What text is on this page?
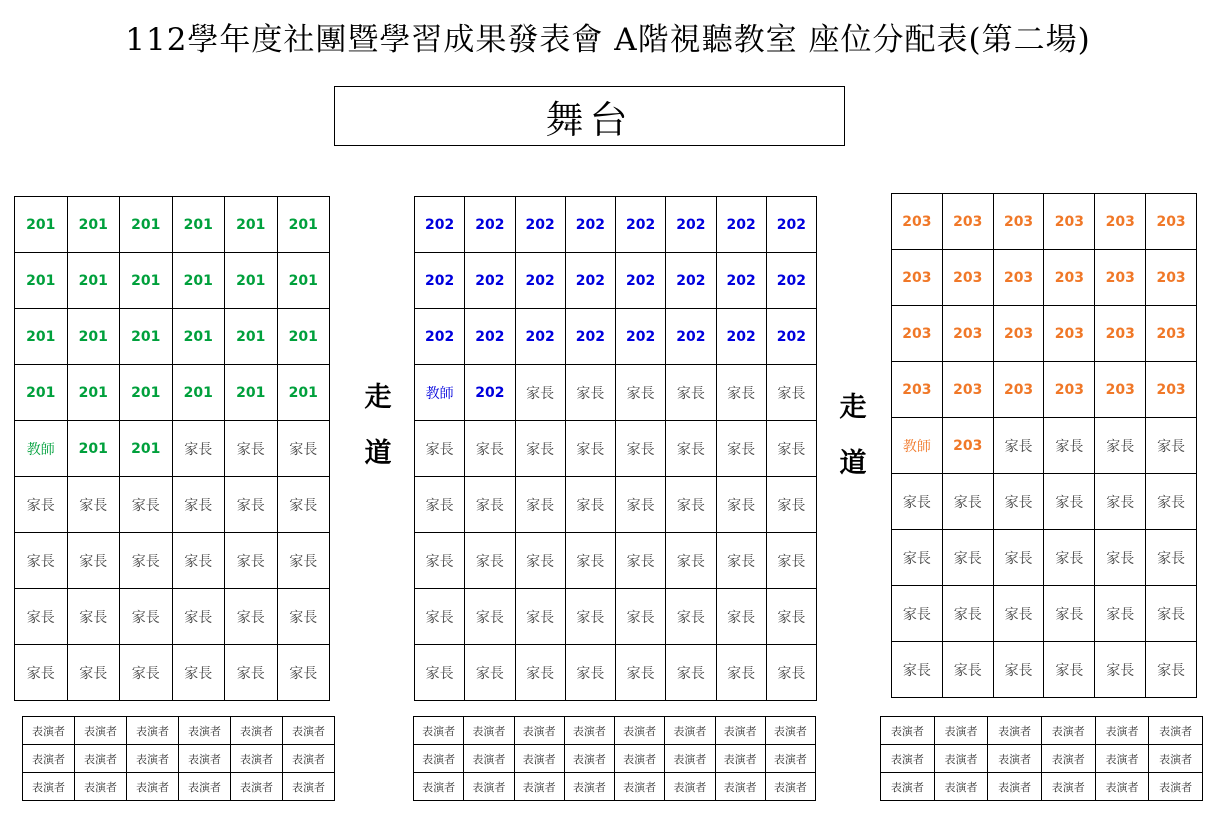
112學年度社團暨學習成果發表會 A階視聽教室 座位分配表(第二場)
舞台
走
道
走
道
201	201	201	201	201	201
201	201	201	201	201	201
201	201	201	201	201	201
201	201	201	201	201	201
教師	201	201	家長	家長	家長
家長	家長	家長	家長	家長	家長
家長	家長	家長	家長	家長	家長
家長	家長	家長	家長	家長	家長
家長	家長	家長	家長	家長	家長
202	202	202	202	202	202	202	202
202	202	202	202	202	202	202	202
202	202	202	202	202	202	202	202
教師	202	家長	家長	家長	家長	家長	家長
家長	家長	家長	家長	家長	家長	家長	家長
家長	家長	家長	家長	家長	家長	家長	家長
家長	家長	家長	家長	家長	家長	家長	家長
家長	家長	家長	家長	家長	家長	家長	家長
家長	家長	家長	家長	家長	家長	家長	家長
203	203	203	203	203	203
203	203	203	203	203	203
203	203	203	203	203	203
203	203	203	203	203	203
教師	203	家長	家長	家長	家長
家長	家長	家長	家長	家長	家長
家長	家長	家長	家長	家長	家長
家長	家長	家長	家長	家長	家長
家長	家長	家長	家長	家長	家長
表演者	表演者	表演者	表演者	表演者	表演者
表演者	表演者	表演者	表演者	表演者	表演者
表演者	表演者	表演者	表演者	表演者	表演者
表演者	表演者	表演者	表演者	表演者	表演者	表演者	表演者
表演者	表演者	表演者	表演者	表演者	表演者	表演者	表演者
表演者	表演者	表演者	表演者	表演者	表演者	表演者	表演者
表演者	表演者	表演者	表演者	表演者	表演者
表演者	表演者	表演者	表演者	表演者	表演者
表演者	表演者	表演者	表演者	表演者	表演者
